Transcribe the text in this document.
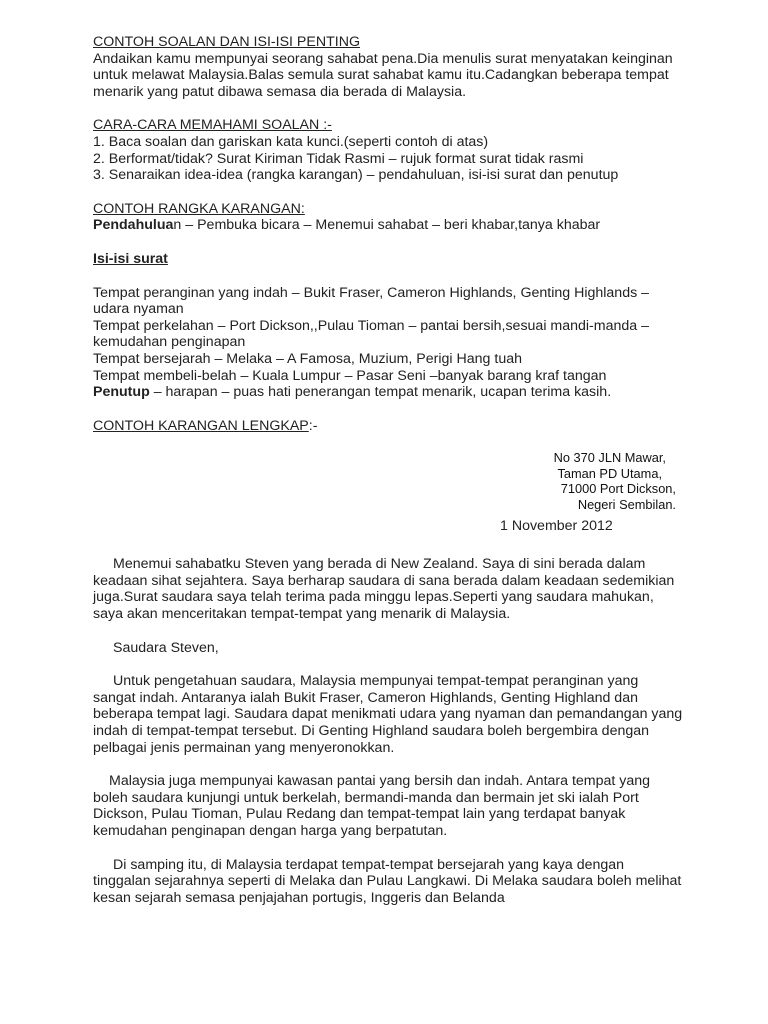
CONTOH SOALAN DAN ISI-ISI PENTING

Andaikan kamu mempunyai seorang sahabat pena.Dia menulis surat menyatakan keinginan untuk melawat Malaysia.Balas semula surat sahabat kamu itu.Cadangkan beberapa tempat menarik yang patut dibawa semasa dia berada di Malaysia.

CARA-CARA MEMAHAMI SOALAN :-

1. Baca soalan dan gariskan kata kunci.(seperti contoh di atas)

2. Berformat/tidak? Surat Kiriman Tidak Rasmi – rujuk format surat tidak rasmi

3. Senaraikan idea-idea (rangka karangan) – pendahuluan, isi-isi surat dan penutup

CONTOH RANGKA KARANGAN:

Pendahuluan – Pembuka bicara – Menemui sahabat – beri khabar,tanya khabar

Isi-isi surat

Tempat peranginan yang indah – Bukit Fraser, Cameron Highlands, Genting Highlands – udara nyaman

Tempat perkelahan – Port Dickson,,Pulau Tioman – pantai bersih,sesuai mandi-manda –kemudahan penginapan

Tempat bersejarah – Melaka – A Famosa, Muzium, Perigi Hang tuah

Tempat membeli-belah – Kuala Lumpur – Pasar Seni –banyak barang kraf tangan

Penutup – harapan – puas hati penerangan tempat menarik, ucapan terima kasih.

CONTOH KARANGAN LENGKAP:-

No 370 JLN Mawar,

Taman PD Utama,

71000 Port Dickson,

Negeri Sembilan.

1 November 2012

Menemui sahabatku Steven yang berada di New Zealand. Saya di sini berada dalam keadaan sihat sejahtera. Saya berharap saudara di sana berada dalam keadaan sedemikian juga.Surat saudara saya telah terima pada minggu lepas.Seperti yang saudara mahukan, saya akan menceritakan tempat-tempat yang menarik di Malaysia.

Saudara Steven,

Untuk pengetahuan saudara, Malaysia mempunyai tempat-tempat peranginan yang sangat indah. Antaranya ialah Bukit Fraser, Cameron Highlands, Genting Highland dan beberapa tempat lagi. Saudara dapat menikmati udara yang nyaman dan pemandangan yang indah di tempat-tempat tersebut. Di Genting Highland saudara boleh bergembira dengan pelbagai jenis permainan yang menyeronokkan.

Malaysia juga mempunyai kawasan pantai yang bersih dan indah. Antara tempat yang boleh saudara kunjungi untuk berkelah, bermandi-manda dan bermain jet ski ialah Port Dickson, Pulau Tioman, Pulau Redang dan tempat-tempat lain yang terdapat banyak kemudahan penginapan dengan harga yang berpatutan.

Di samping itu, di Malaysia terdapat tempat-tempat bersejarah yang kaya dengan tinggalan sejarahnya seperti di Melaka dan Pulau Langkawi. Di Melaka saudara boleh melihat kesan sejarah semasa penjajahan portugis, Inggeris dan Belanda
